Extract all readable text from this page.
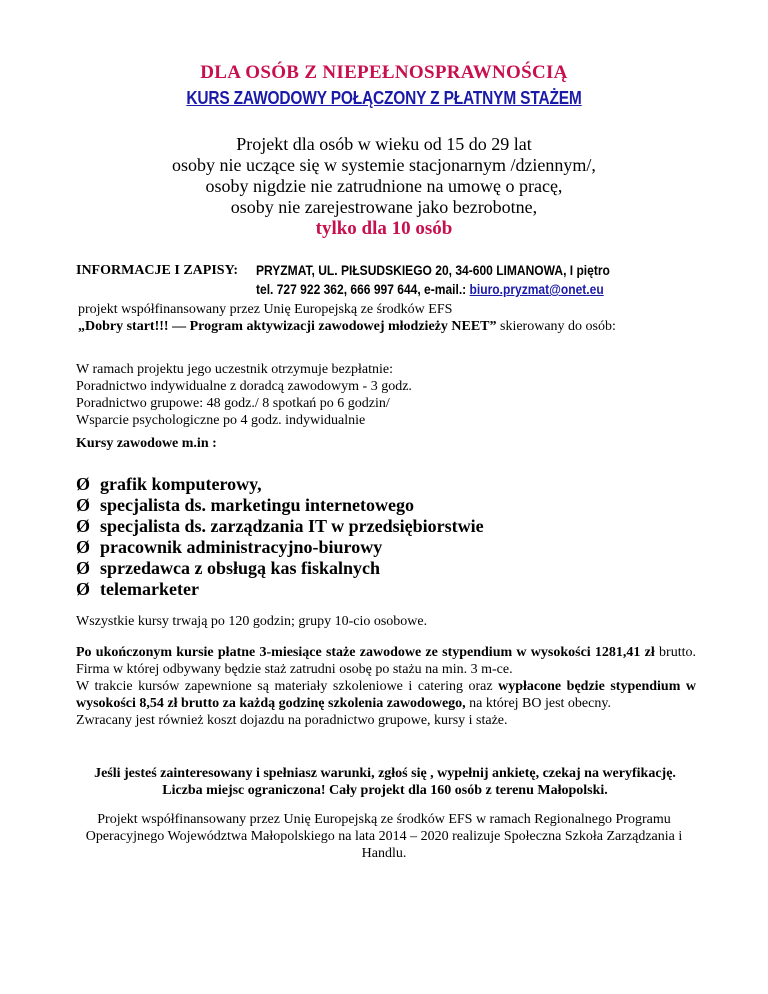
DLA OSÓB Z NIEPEŁNOSPRAWNOŚCIĄ
KURS ZAWODOWY POŁĄCZONY Z PŁATNYM STAŻEM
Projekt dla osób w wieku od 15 do 29 lat
osoby nie uczące się w systemie stacjonarnym /dziennym/,
osoby nigdzie nie zatrudnione na umowę o pracę,
osoby nie zarejestrowane jako bezrobotne,
tylko dla 10 osób
INFORMACJE I ZAPISY: PRYZMAT, UL. PIŁSUDSKIEGO 20, 34-600 LIMANOWA, I piętro
tel. 727 922 362, 666 997 644, e-mail.: biuro.pryzmat@onet.eu
projekt współfinansowany przez Unię Europejską ze środków EFS
„Dobry start!!! — Program aktywizacji zawodowej młodzieży NEET” skierowany do osób:
W ramach projektu jego uczestnik otrzymuje bezpłatnie:
Poradnictwo indywidualne z doradcą zawodowym - 3 godz.
Poradnictwo grupowe: 48 godz./ 8 spotkań po 6 godzin/
Wsparcie psychologiczne po 4 godz. indywidualnie
Kursy zawodowe m.in :
Ø grafik komputerowy,
Ø specjalista ds. marketingu internetowego
Ø specjalista ds. zarządzania IT w przedsiębiorstwie
Ø pracownik administracyjno-biurowy
Ø sprzedawca z obsługą kas fiskalnych
Ø telemarketer
Wszystkie kursy trwają po 120 godzin; grupy 10-cio osobowe.
Po ukończonym kursie płatne 3-miesiące staże zawodowe ze stypendium w wysokości 1281,41 zł brutto. Firma w której odbywany będzie staż zatrudni osobę po stażu na min. 3 m-ce.
W trakcie kursów zapewnione są materiały szkoleniowe i catering oraz wypłacone będzie stypendium w wysokości 8,54 zł brutto za każdą godzinę szkolenia zawodowego, na której BO jest obecny.
Zwracany jest również koszt dojazdu na poradnictwo grupowe, kursy i staże.
Jeśli jesteś zainteresowany i spełniasz warunki, zgłoś się , wypełnij ankietę, czekaj na weryfikację. Liczba miejsc ograniczona! Cały projekt dla 160 osób z terenu Małopolski.
Projekt współfinansowany przez Unię Europejską ze środków EFS w ramach Regionalnego Programu Operacyjnego Województwa Małopolskiego na lata 2014 – 2020 realizuje Społeczna Szkoła Zarządzania i Handlu.
